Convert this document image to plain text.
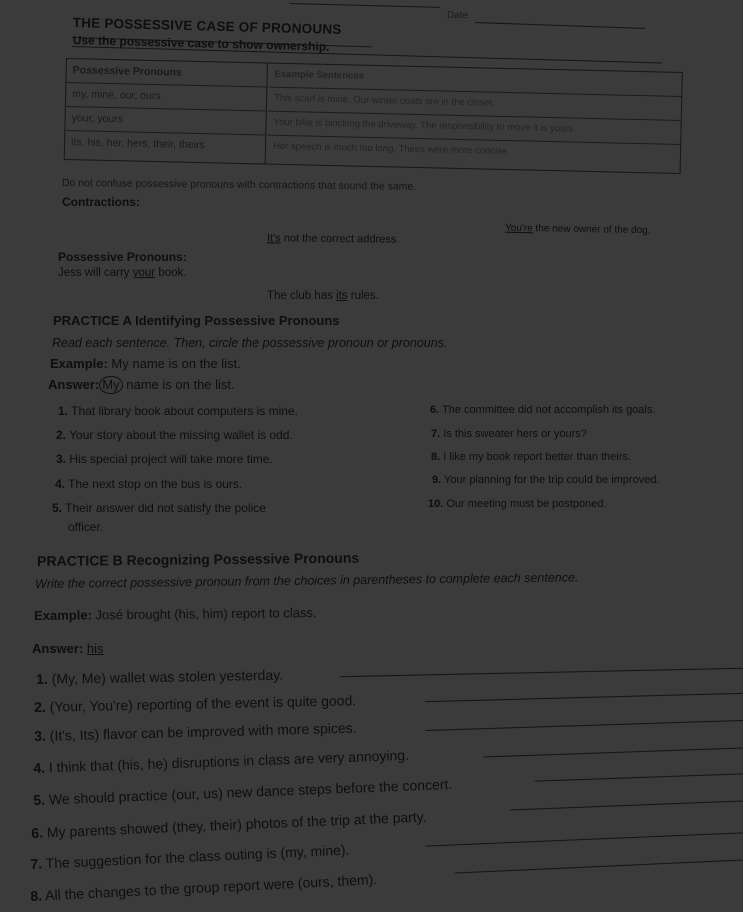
Date
THE POSSESSIVE CASE OF PRONOUNS
Use the possessive case to show ownership.
Possessive Pronouns
my, mine, our, ours
your, yours
its, his, her, hers, their, theirs
Example Sentences
This scarf is mine. Our winter coats are in the closet.
Your bike is blocking the driveway. The responsibility to move it is yours.
Her speech is much too long. Theirs were more concise.
Do not confuse possessive pronouns with contractions that sound the same.
Contractions:
It's not the correct address.
You're the new owner of the dog.
Possessive Pronouns:
Jess will carry your book.
The club has its rules.
PRACTICE A Identifying Possessive Pronouns
Read each sentence. Then, circle the possessive pronoun or pronouns.
Example: My name is on the list.
Answer: My name is on the list.
1. That library book about computers is mine.
2. Your story about the missing wallet is odd.
3. His special project will take more time.
4. The next stop on the bus is ours.
5. Their answer did not satisfy the police
officer.
6. The committee did not accomplish its goals.
7. Is this sweater hers or yours?
8. I like my book report better than theirs.
9. Your planning for the trip could be improved.
10. Our meeting must be postponed.
PRACTICE B Recognizing Possessive Pronouns
Write the correct possessive pronoun from the choices in parentheses to complete each sentence.
Example: José brought (his, him) report to class.
Answer: his
1. (My, Me) wallet was stolen yesterday.
2. (Your, You're) reporting of the event is quite good.
3. (It's, Its) flavor can be improved with more spices.
4. I think that (his, he) disruptions in class are very annoying.
5. We should practice (our, us) new dance steps before the concert.
6. My parents showed (they, their) photos of the trip at the party.
7. The suggestion for the class outing is (my, mine).
8. All the changes to the group report were (ours, them).
